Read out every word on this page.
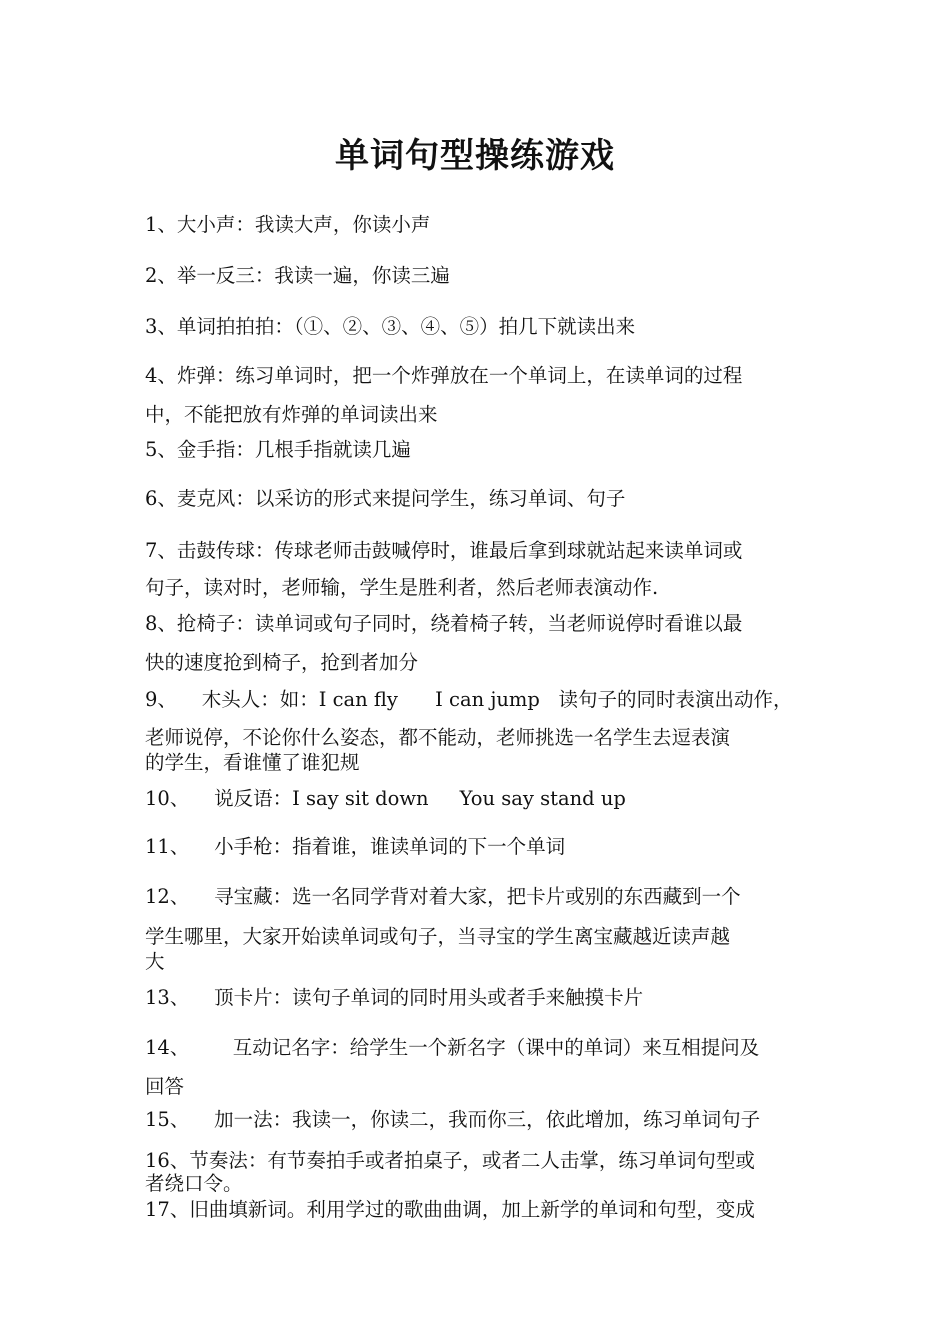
单词句型操练游戏
1、大小声：我读大声，你读小声
2、举一反三：我读一遍，你读三遍
3、单词拍拍拍：（①、②、③、④、⑤）拍几下就读出来
4、炸弹：练习单词时，把一个炸弹放在一个单词上，在读单词的过程
中，不能把放有炸弹的单词读出来
5、金手指：几根手指就读几遍
6、麦克风：以采访的形式来提问学生，练习单词、句子
7、击鼓传球：传球老师击鼓喊停时，谁最后拿到球就站起来读单词或
句子，读对时，老师输，学生是胜利者，然后老师表演动作.
8、抢椅子：读单词或句子同时，绕着椅子转，当老师说停时看谁以最
快的速度抢到椅子，抢到者加分
9、    木头人：如：I can fly      I can jump   读句子的同时表演出动作，
老师说停，不论你什么姿态，都不能动，老师挑选一名学生去逗表演
的学生，看谁懂了谁犯规
10、    说反语：I say sit down     You say stand up
11、    小手枪：指着谁，谁读单词的下一个单词
12、    寻宝藏：选一名同学背对着大家，把卡片或别的东西藏到一个
学生哪里，大家开始读单词或句子，当寻宝的学生离宝藏越近读声越
大
13、    顶卡片：读句子单词的同时用头或者手来触摸卡片
14、       互动记名字：给学生一个新名字（课中的单词）来互相提问及
回答
15、    加一法：我读一，你读二，我而你三，依此增加，练习单词句子
16、节奏法：有节奏拍手或者拍桌子，或者二人击掌，练习单词句型或
者绕口令。
17、旧曲填新词。利用学过的歌曲曲调，加上新学的单词和句型，变成
